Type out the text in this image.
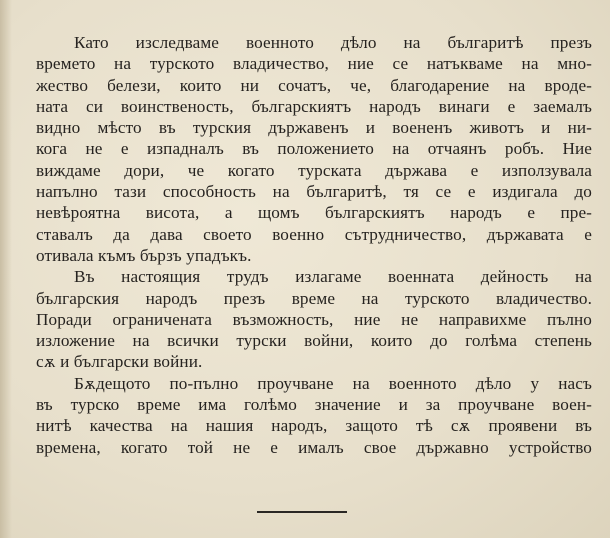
Като изследваме военното дѣло на българитѣ презъ
времето на турското владичество, ние се натъкваме на мно-
жество белези, които ни сочатъ, че, благодарение на вроде-
ната си воинственость, българскиятъ народъ винаги е заемалъ
видно мѣсто въ турския държавенъ и воененъ животъ и ни-
кога не е изпадналъ въ положението на отчаянъ робъ. Ние
виждаме дори, че когато турската държава е използувала
напълно тази способность на българитѣ, тя се е издигала до
невѣроятна висота, а щомъ българскиятъ народъ е пре-
ставалъ да дава своето военно сътрудничество, държавата е
отивала къмъ бързъ упадъкъ.
Въ настоящия трудъ излагаме военната дейность на
българския народъ презъ време на турското владичество.
Поради ограничената възможность, ние не направихме пълно
изложение на всички турски войни, които до голѣма степень
сѫ и български войни.
Бѫдещото по-пълно проучване на военното дѣло у насъ
въ турско време има голѣмо значение и за проучване воен-
нитѣ качества на нашия народъ, защото тѣ сѫ проявени въ
времена, когато той не е ималъ свое държавно устройство
